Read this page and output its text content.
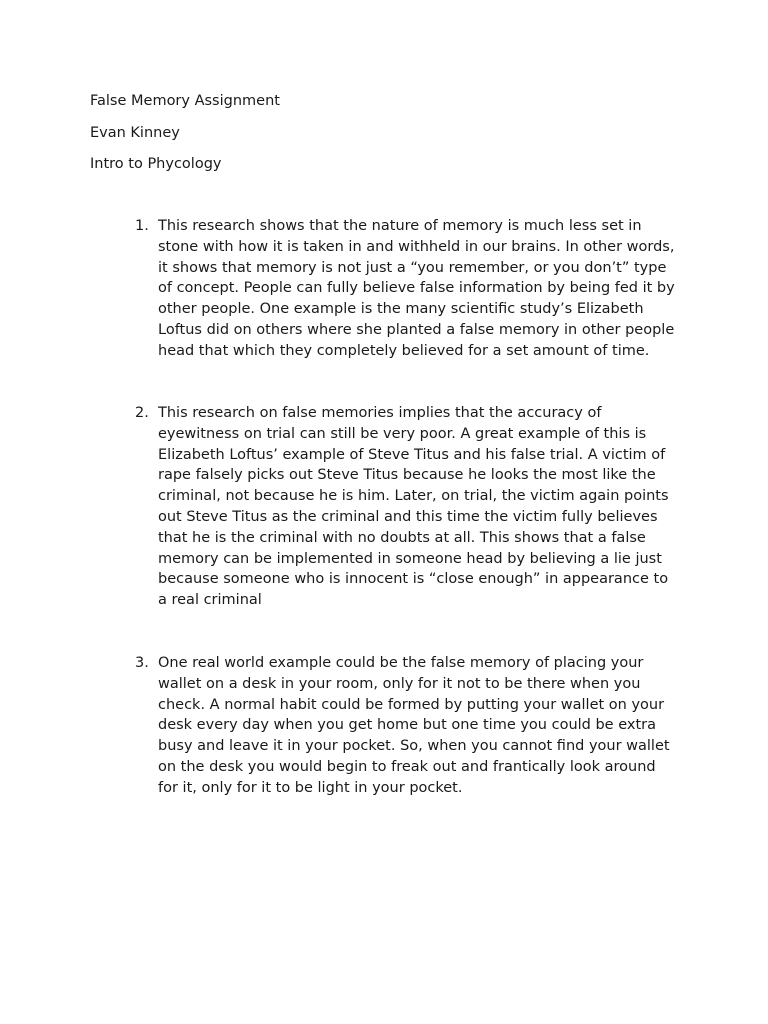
False Memory Assignment
Evan Kinney
Intro to Phycology
1. This research shows that the nature of memory is much less set in stone with how it is taken in and withheld in our brains. In other words, it shows that memory is not just a “you remember, or you don’t” type of concept. People can fully believe false information by being fed it by other people. One example is the many scientific study’s Elizabeth Loftus did on others where she planted a false memory in other people head that which they completely believed for a set amount of time.
2. This research on false memories implies that the accuracy of eyewitness on trial can still be very poor. A great example of this is Elizabeth Loftus’ example of Steve Titus and his false trial. A victim of rape falsely picks out Steve Titus because he looks the most like the criminal, not because he is him. Later, on trial, the victim again points out Steve Titus as the criminal and this time the victim fully believes that he is the criminal with no doubts at all. This shows that a false memory can be implemented in someone head by believing a lie just because someone who is innocent is “close enough” in appearance to a real criminal
3. One real world example could be the false memory of placing your wallet on a desk in your room, only for it not to be there when you check. A normal habit could be formed by putting your wallet on your desk every day when you get home but one time you could be extra busy and leave it in your pocket. So, when you cannot find your wallet on the desk you would begin to freak out and frantically look around for it, only for it to be light in your pocket.
